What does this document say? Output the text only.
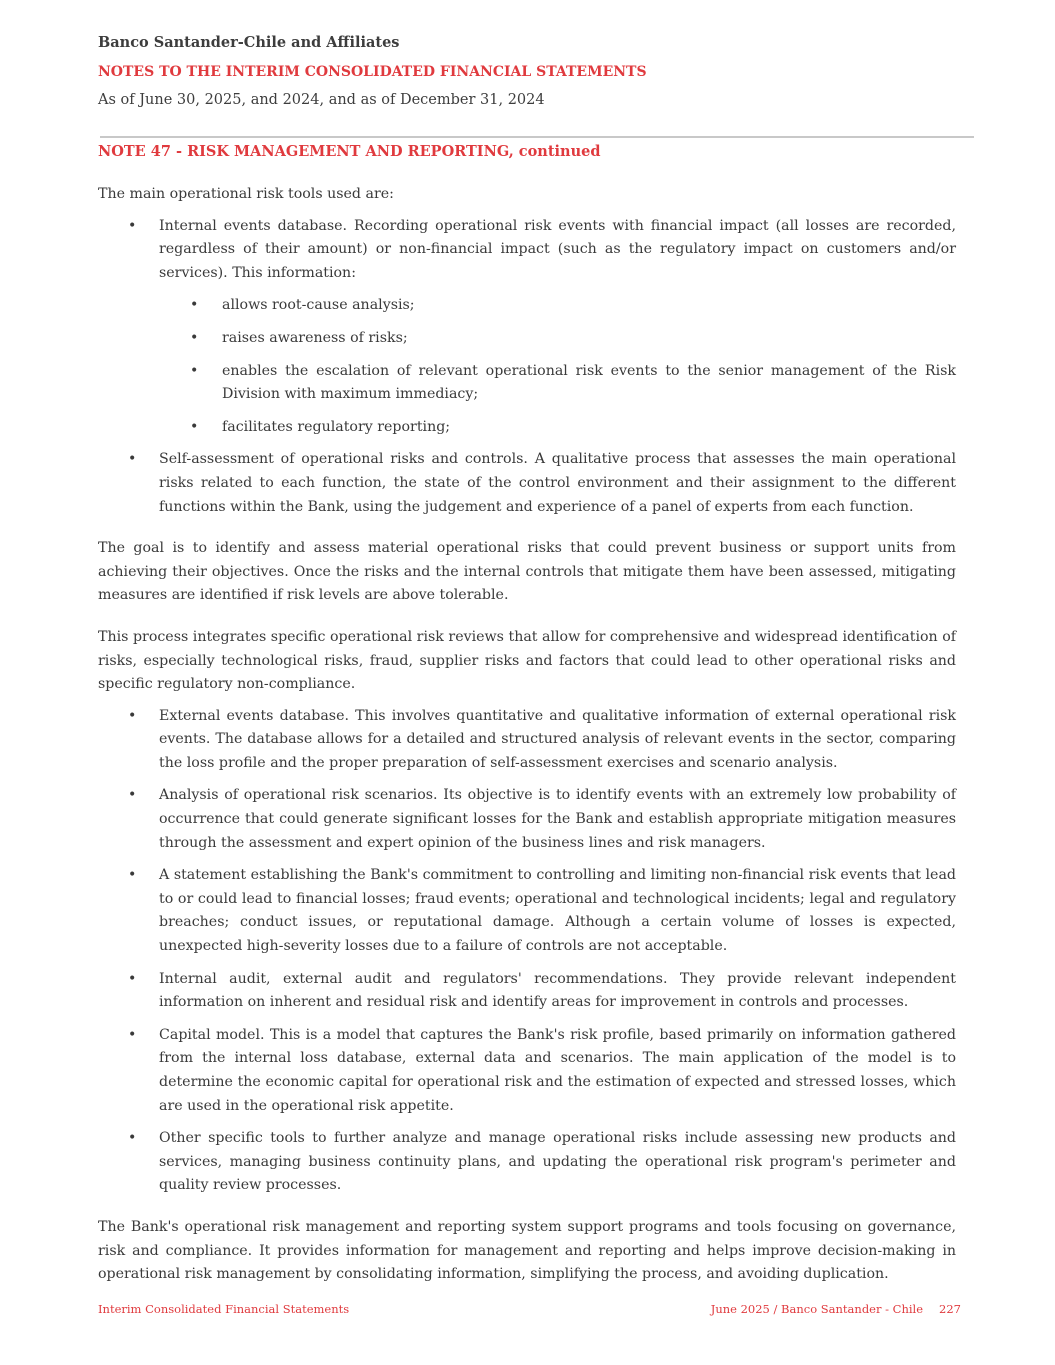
Banco Santander-Chile and Affiliates
NOTES TO THE INTERIM CONSOLIDATED FINANCIAL STATEMENTS
As of June 30, 2025, and 2024, and as of December 31, 2024
NOTE 47 - RISK MANAGEMENT AND REPORTING, continued

The main operational risk tools used are:

• Internal events database. Recording operational risk events with financial impact (all losses are recorded, regardless of their amount) or non-financial impact (such as the regulatory impact on customers and/or services). This information:
• allows root-cause analysis;
• raises awareness of risks;
• enables the escalation of relevant operational risk events to the senior management of the Risk Division with maximum immediacy;
• facilitates regulatory reporting;
• Self-assessment of operational risks and controls. A qualitative process that assesses the main operational risks related to each function, the state of the control environment and their assignment to the different functions within the Bank, using the judgement and experience of a panel of experts from each function.

The goal is to identify and assess material operational risks that could prevent business or support units from achieving their objectives. Once the risks and the internal controls that mitigate them have been assessed, mitigating measures are identified if risk levels are above tolerable.

This process integrates specific operational risk reviews that allow for comprehensive and widespread identification of risks, especially technological risks, fraud, supplier risks and factors that could lead to other operational risks and specific regulatory non-compliance.

• External events database. This involves quantitative and qualitative information of external operational risk events. The database allows for a detailed and structured analysis of relevant events in the sector, comparing the loss profile and the proper preparation of self-assessment exercises and scenario analysis.
• Analysis of operational risk scenarios. Its objective is to identify events with an extremely low probability of occurrence that could generate significant losses for the Bank and establish appropriate mitigation measures through the assessment and expert opinion of the business lines and risk managers.
• A statement establishing the Bank's commitment to controlling and limiting non-financial risk events that lead to or could lead to financial losses; fraud events; operational and technological incidents; legal and regulatory breaches; conduct issues, or reputational damage. Although a certain volume of losses is expected, unexpected high-severity losses due to a failure of controls are not acceptable.
• Internal audit, external audit and regulators' recommendations. They provide relevant independent information on inherent and residual risk and identify areas for improvement in controls and processes.
• Capital model. This is a model that captures the Bank's risk profile, based primarily on information gathered from the internal loss database, external data and scenarios. The main application of the model is to determine the economic capital for operational risk and the estimation of expected and stressed losses, which are used in the operational risk appetite.
• Other specific tools to further analyze and manage operational risks include assessing new products and services, managing business continuity plans, and updating the operational risk program's perimeter and quality review processes.

The Bank's operational risk management and reporting system support programs and tools focusing on governance, risk and compliance. It provides information for management and reporting and helps improve decision-making in operational risk management by consolidating information, simplifying the process, and avoiding duplication.

Interim Consolidated Financial Statements	June 2025 / Banco Santander - Chile 227
